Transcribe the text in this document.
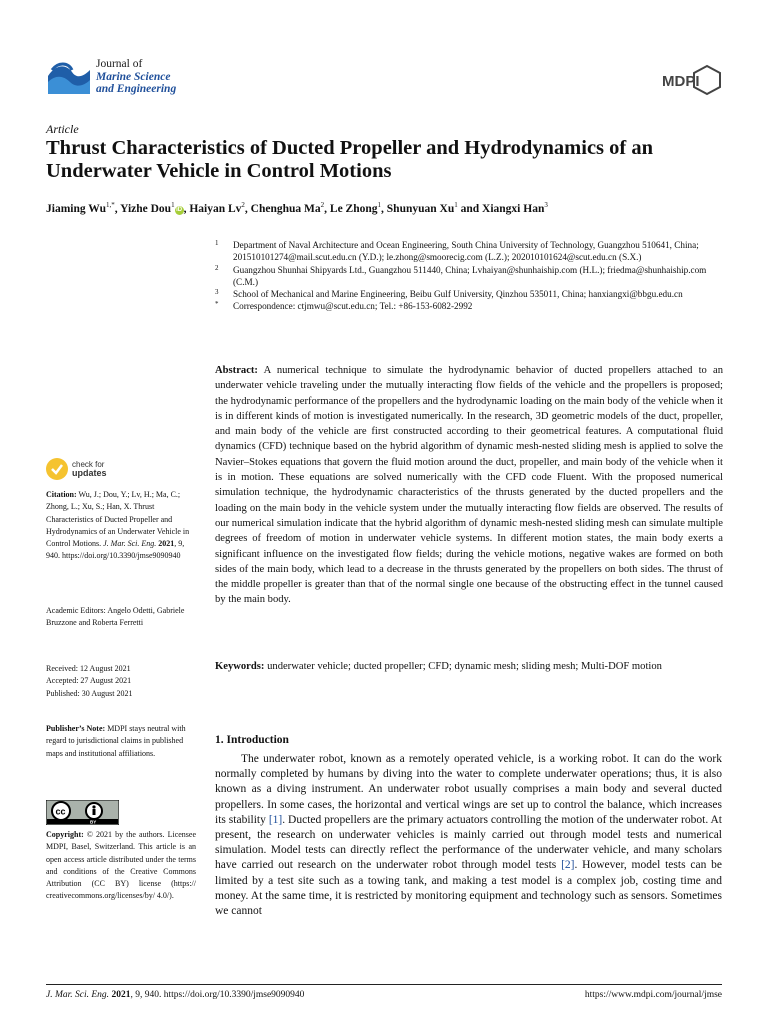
Journal of
Marine Science
and Engineering	MDPI
Article
Thrust Characteristics of Ducted Propeller and Hydrodynamics of an Underwater Vehicle in Control Motions
Jiaming $Wu^{1,*}$, Yizhe Dou$^1$iD , Haiyan Lv$^2$, Chenghua Ma$^2$, Le Zhong$^1$, Shunyuan Xu$^1$ and Xiangxi Han$^3$
1 Department of Naval Architecture and Ocean Engineering, South China University of Technology, Guangzhou 510641, China; 201510101274@mail.scut.edu.cn (Y.D.); le.zhong@smoorecig.com (L.Z.); 202010101624@scut.edu.cn (S.X.)
2 Guangzhou Shunhai Shipyards Ltd., Guangzhou 511440, China; Lvhaiyan@shunhaiship.com (H.L.); friedma@shunhaiship.com (C.M.)
3 School of Mechanical and Marine Engineering, Beibu Gulf University, Qinzhou 535011, China; hanxiangxi@bbgu.edu.cn
* Correspondence: ctjmwu@scut.edu.cn; Tel.: +86-153-6082-2992
Abstract: A numerical technique to simulate the hydrodynamic behavior of ducted propellers attached to an underwater vehicle traveling under the mutually interacting flow fields of the vehicle and the propellers is proposed; the hydrodynamic performance of the propellers and the hydrodynamic loading on the main body of the vehicle when it is in different kinds of motion is investigated numerically. In the research, 3D geometric models of the duct, propeller, and main body of the vehicle are first constructed according to their geometrical features. A computational fluid dynamics (CFD) technique based on the hybrid algorithm of dynamic mesh-nested sliding mesh is applied to solve the Navier–Stokes equations that govern the fluid motion around the duct, propeller, and main body of the vehicle when it is in motion. These equations are solved numerically with the CFD code Fluent. With the proposed numerical simulation technique, the hydrodynamic characteristics of the thrusts generated by the ducted propellers and the loading on the main body in the vehicle system under the mutually interacting flow fields are observed. The results of our numerical simulation indicate that the hybrid algorithm of dynamic mesh-nested sliding mesh can simulate multiple degrees of freedom of motion in underwater vehicle systems. In different motion states, the main body exerts a significant influence on the investigated flow fields; during the vehicle motions, negative wakes are formed on both sides of the main body, which lead to a decrease in the thrusts generated by the propellers on both sides. The thrust of the middle propeller is greater than that of the normal single one because of the obstructing effect in the tunnel caused by the main body.
Keywords: underwater vehicle; ducted propeller; CFD; dynamic mesh; sliding mesh; Multi-DOF motion
check for
updates
Citation: Wu, J.; Dou, Y.; Lv, H.; Ma, C.; Zhong, L.; Xu, S.; Han, X. Thrust Characteristics of Ducted Propeller and Hydrodynamics of an Underwater Vehicle in Control Motions. J. Mar. Sci. Eng. 2021, 9, 940. https://doi.org/10.3390/jmse9090940
Academic Editors: Angelo Odetti, Gabriele Bruzzone and Roberta Ferretti
Received: 12 August 2021
Accepted: 27 August 2021
Published: 30 August 2021
Publisher’s Note: MDPI stays neutral with regard to jurisdictional claims in published maps and institutional affiliations.
cc
BY
Copyright: © 2021 by the authors. Licensee MDPI, Basel, Switzerland. This article is an open access article distributed under the terms and conditions of the Creative Commons Attribution (CC BY) license (https:// creativecommons.org/licenses/by/ 4.0/).
1. Introduction
The underwater robot, known as a remotely operated vehicle, is a working robot. It can do the work normally completed by humans by diving into the water to complete underwater operations; thus, it is also known as a diving instrument. An underwater robot usually comprises a main body and several ducted propellers. In some cases, the horizontal and vertical wings are set up to control the balance, which increases its stability [1]. Ducted propellers are the primary actuators controlling the motion of the underwater robot. At present, the research on underwater vehicles is mainly carried out through model tests and numerical simulation. Model tests can directly reflect the performance of the underwater vehicle, and many scholars have carried out research on the underwater robot through model tests [2]. However, model tests can be limited by a test site such as a towing tank, and making a test model is a complex job, costing time and money. At the same time, it is restricted by monitoring equipment and technology such as sensors. Sometimes we cannot
J. Mar. Sci. Eng. 2021, 9, 940. https://doi.org/10.3390/jmse9090940	https://www.mdpi.com/journal/jmse
